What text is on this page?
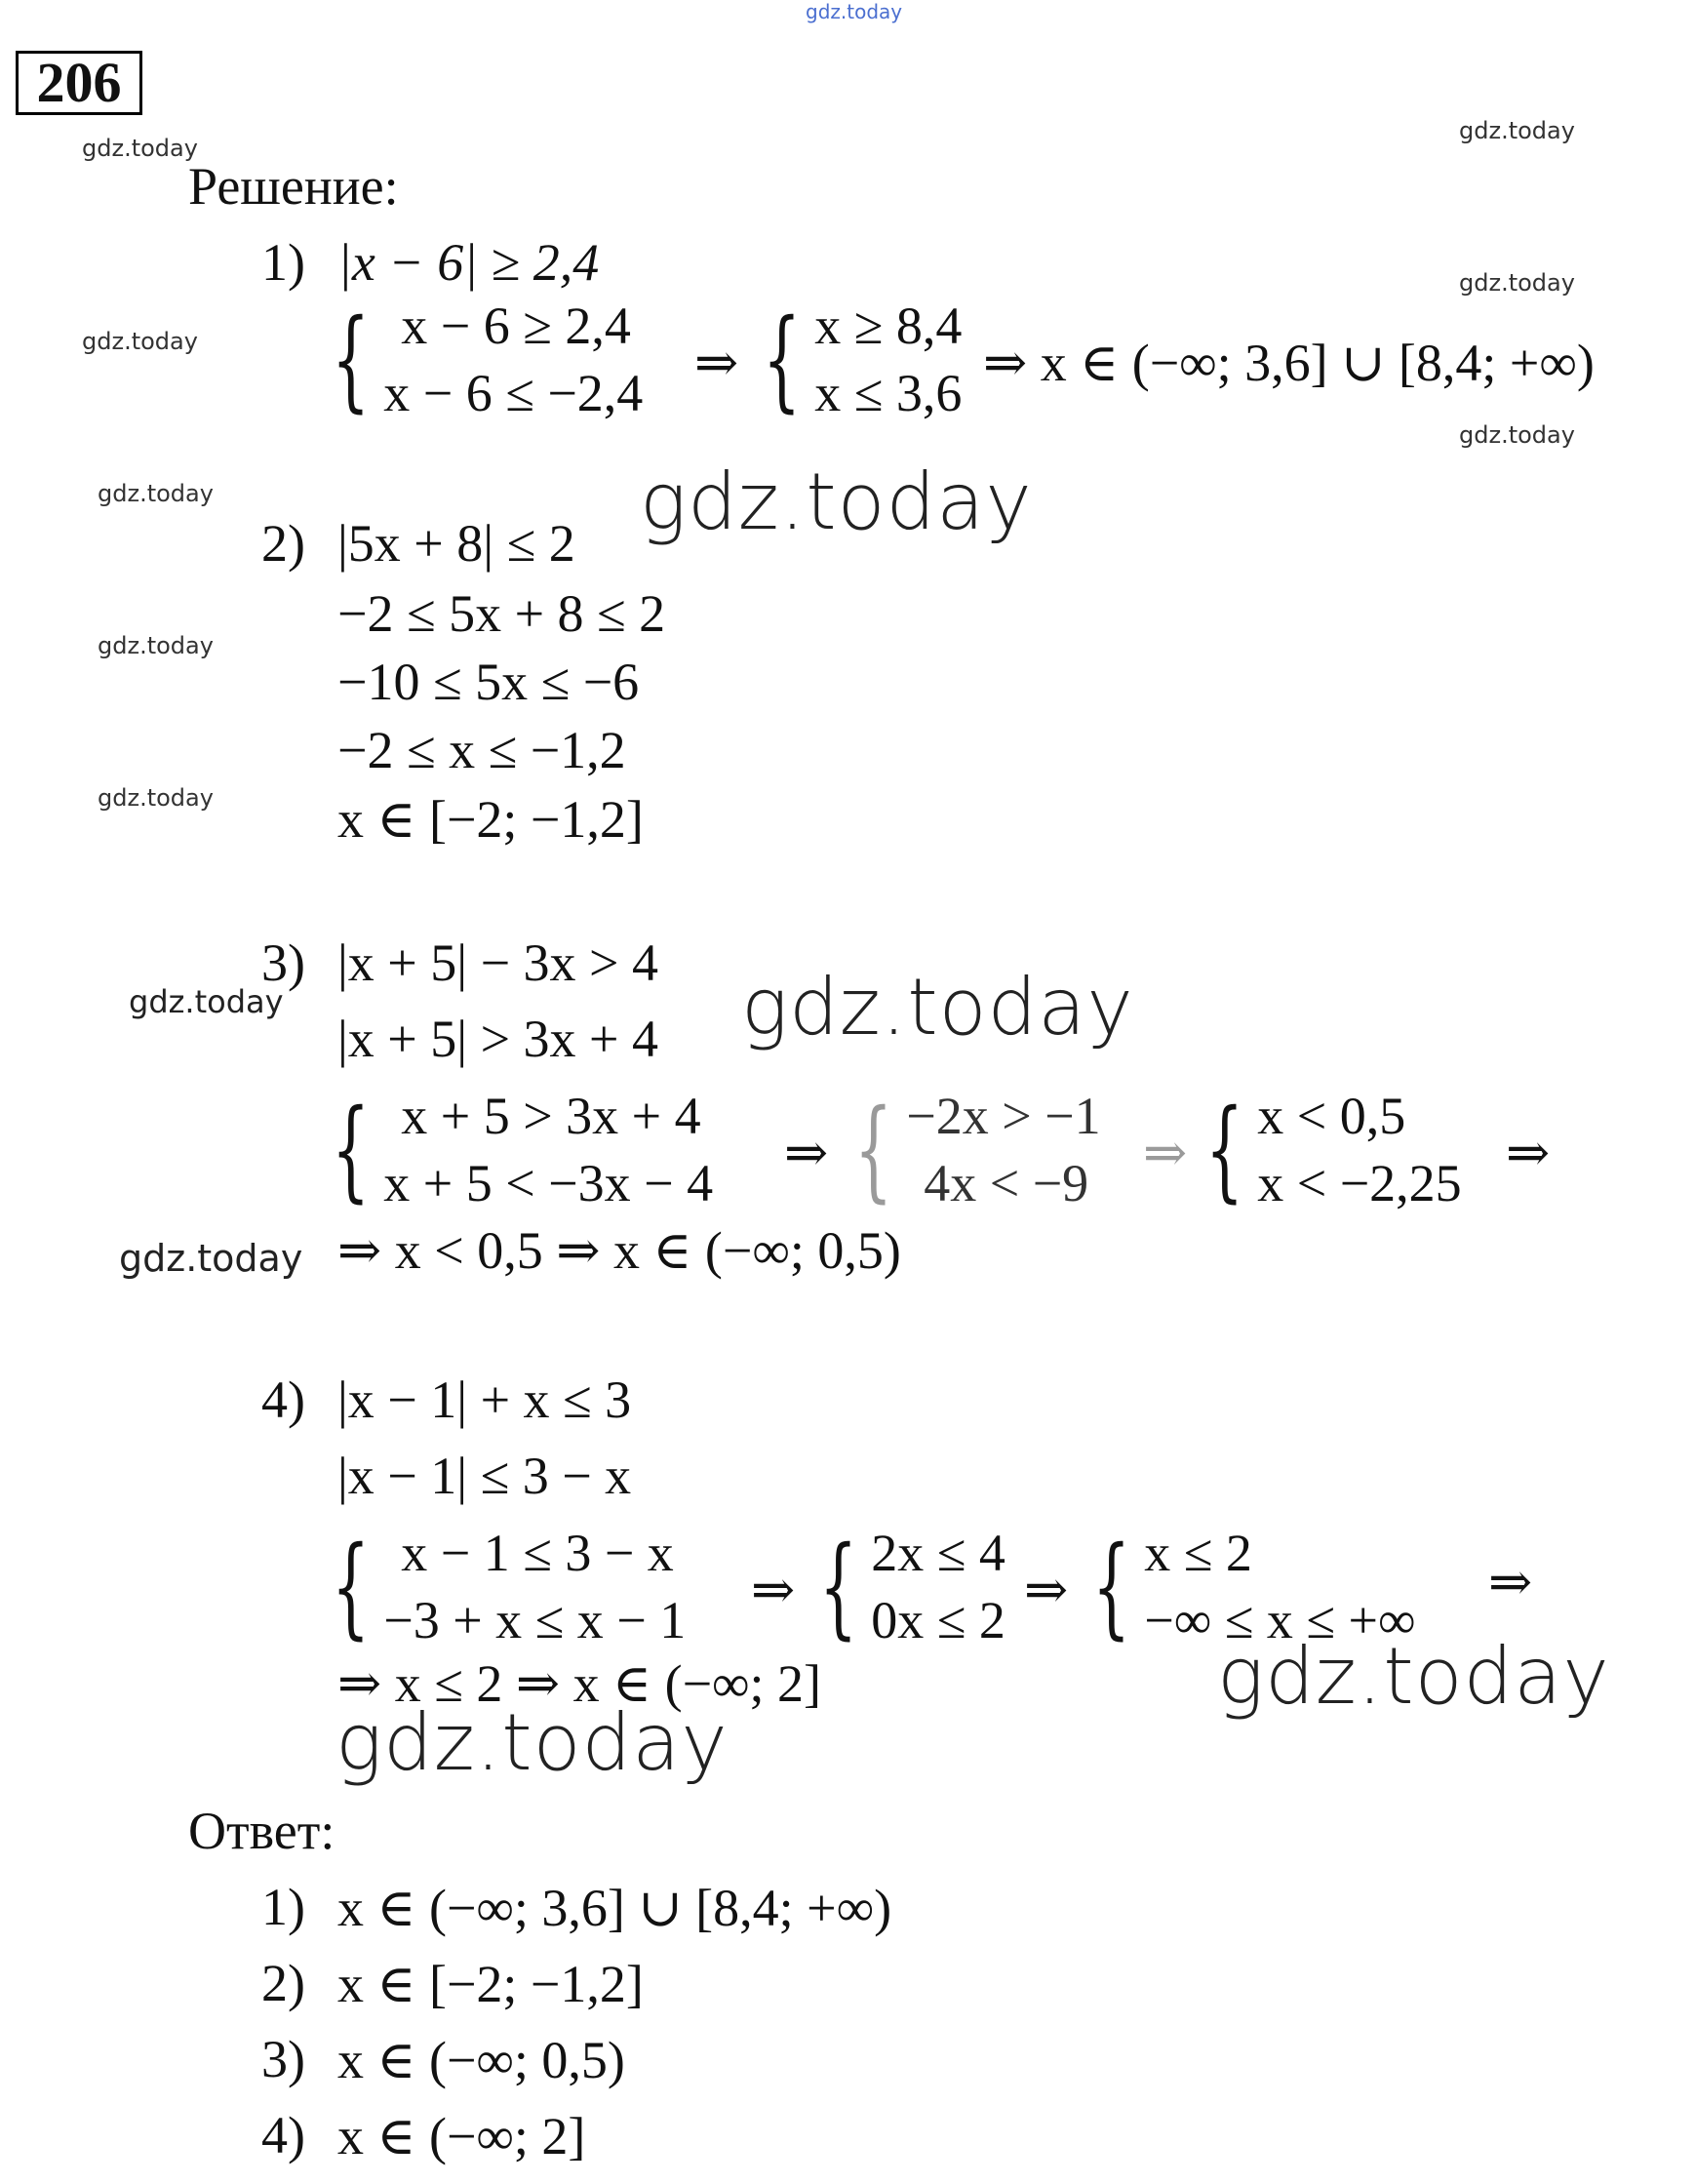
gdz.today
206
gdz.today
gdz.today
gdz.today
gdz.today
gdz.today
gdz.today
gdz.today
gdz.today
gdz.today
gdz.today
gdz.today
gdz.today
gdz.today
gdz.today
Решение:
1) |x − 6| ≥ 2,4
{ x − 6 ≥ 2,4
x − 6 ≤ −2,4
⇒ { x ≥ 8,4
x ≤ 3,6
⇒ x ∈ (−∞; 3,6] ∪ [8,4; +∞)
2) |5x + 8| ≤ 2
−2 ≤ 5x + 8 ≤ 2
−10 ≤ 5x ≤ −6
−2 ≤ x ≤ −1,2
x ∈ [−2; −1,2]
3) |x + 5| − 3x > 4
|x + 5| > 3x + 4
{ x + 5 > 3x + 4
x + 5 < −3x − 4
⇒ { −2x > −1
4x < −9
⇒ { x < 0,5
x < −2,25
⇒
⇒ x < 0,5 ⇒ x ∈ (−∞; 0,5)
4) |x − 1| + x ≤ 3
|x − 1| ≤ 3 − x
{ x − 1 ≤ 3 − x
−3 + x ≤ x − 1
⇒ { 2x ≤ 4
0x ≤ 2
⇒ { x ≤ 2
−∞ ≤ x ≤ +∞
⇒
⇒ x ≤ 2 ⇒ x ∈ (−∞; 2]
Ответ:
1) x ∈ (−∞; 3,6] ∪ [8,4; +∞)
2) x ∈ [−2; −1,2]
3) x ∈ (−∞; 0,5)
4) x ∈ (−∞; 2]
